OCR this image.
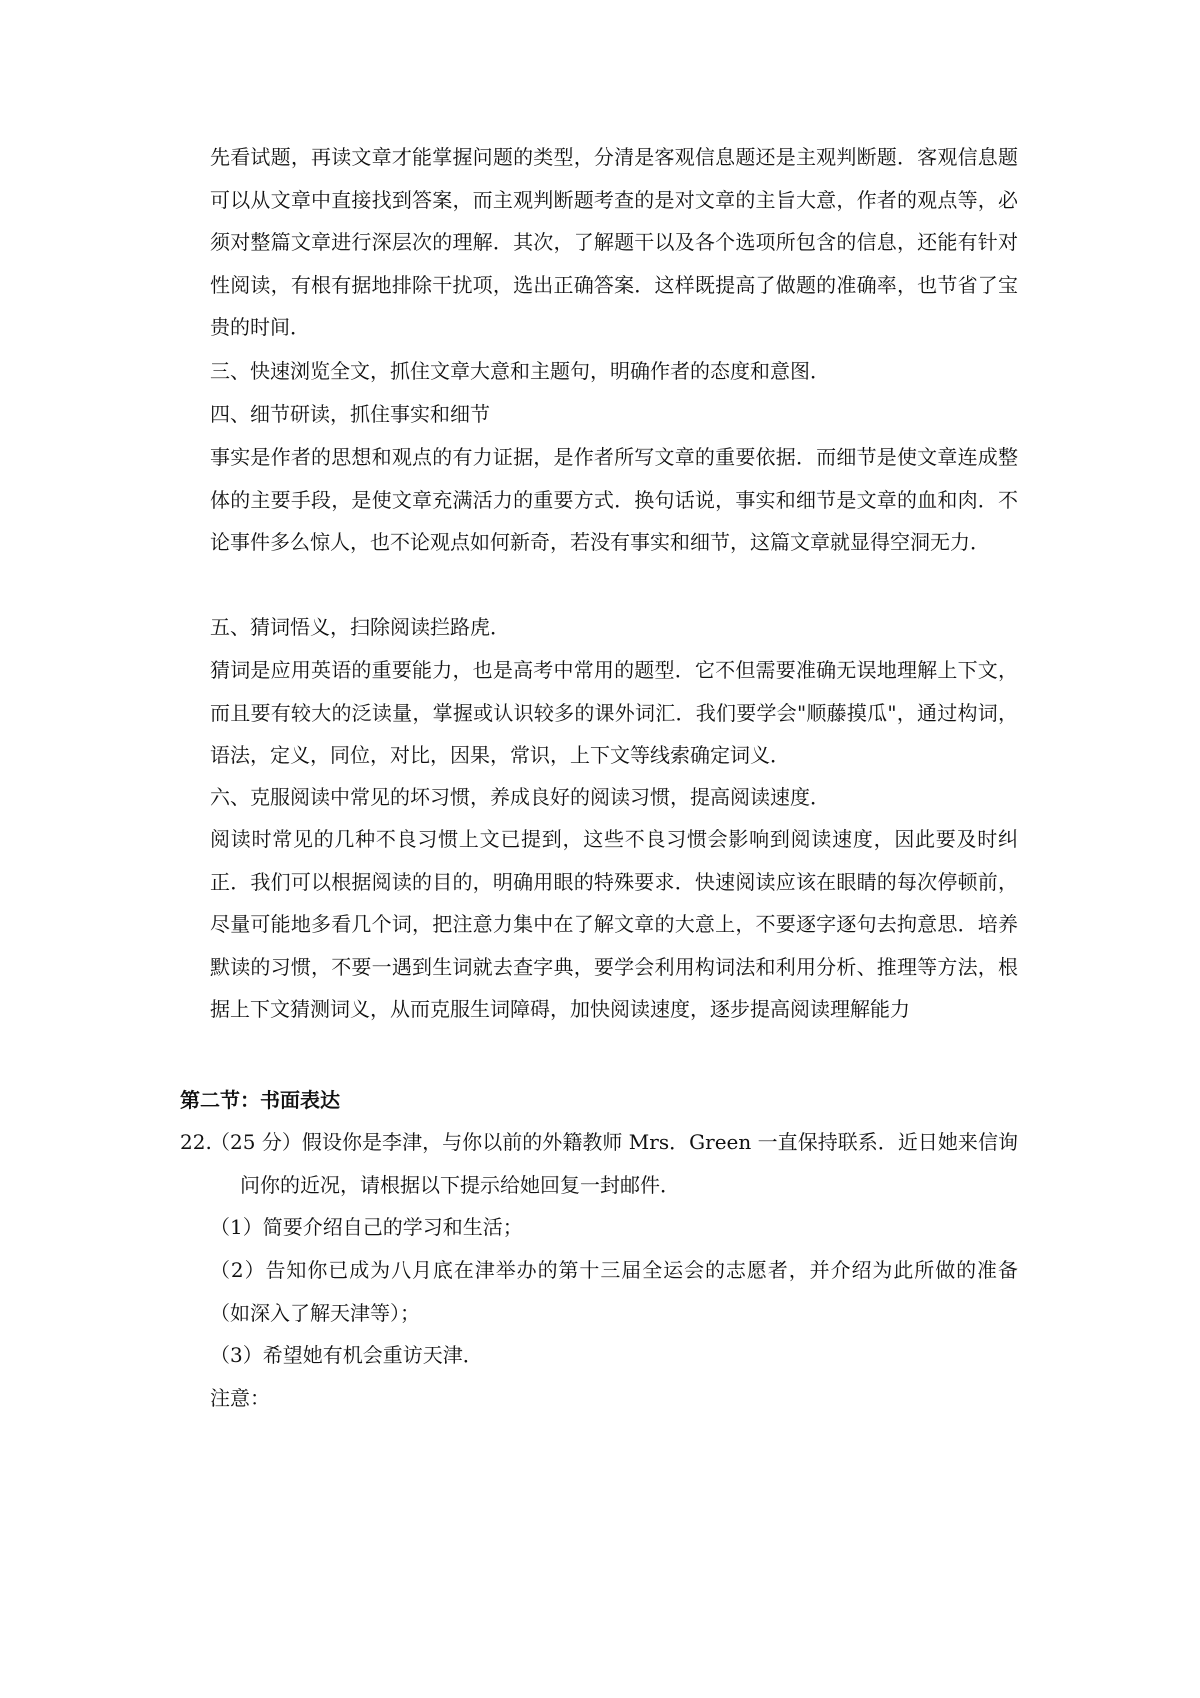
先看试题，再读文章才能掌握问题的类型，分清是客观信息题还是主观判断题．客观信息题可以从文章中直接找到答案，而主观判断题考查的是对文章的主旨大意，作者的观点等，必须对整篇文章进行深层次的理解．其次，了解题干以及各个选项所包含的信息，还能有针对性阅读，有根有据地排除干扰项，选出正确答案．这样既提高了做题的准确率，也节省了宝贵的时间．

三、快速浏览全文，抓住文章大意和主题句，明确作者的态度和意图．

四、细节研读，抓住事实和细节

事实是作者的思想和观点的有力证据，是作者所写文章的重要依据．而细节是使文章连成整体的主要手段，是使文章充满活力的重要方式．换句话说，事实和细节是文章的血和肉．不论事件多么惊人，也不论观点如何新奇，若没有事实和细节，这篇文章就显得空洞无力．

五、猜词悟义，扫除阅读拦路虎．

猜词是应用英语的重要能力，也是高考中常用的题型．它不但需要准确无误地理解上下文，而且要有较大的泛读量，掌握或认识较多的课外词汇．我们要学会"顺藤摸瓜"，通过构词，语法，定义，同位，对比，因果，常识，上下文等线索确定词义．

六、克服阅读中常见的坏习惯，养成良好的阅读习惯，提高阅读速度．

阅读时常见的几种不良习惯上文已提到，这些不良习惯会影响到阅读速度，因此要及时纠正．我们可以根据阅读的目的，明确用眼的特殊要求．快速阅读应该在眼睛的每次停顿前，尽量可能地多看几个词，把注意力集中在了解文章的大意上，不要逐字逐句去拘意思．培养默读的习惯，不要一遇到生词就去查字典，要学会利用构词法和利用分析、推理等方法，根据上下文猜测词义，从而克服生词障碍，加快阅读速度，逐步提高阅读理解能力

第二节：书面表达

22.

（25 分）假设你是李津，与你以前的外籍教师 Mrs．Green 一直保持联系．近日她来信询问你的近况，请根据以下提示给她回复一封邮件．

（1）简要介绍自己的学习和生活；

（2）告知你已成为八月底在津举办的第十三届全运会的志愿者，并介绍为此所做的准备（如深入了解天津等）；

（3）希望她有机会重访天津．

注意：
